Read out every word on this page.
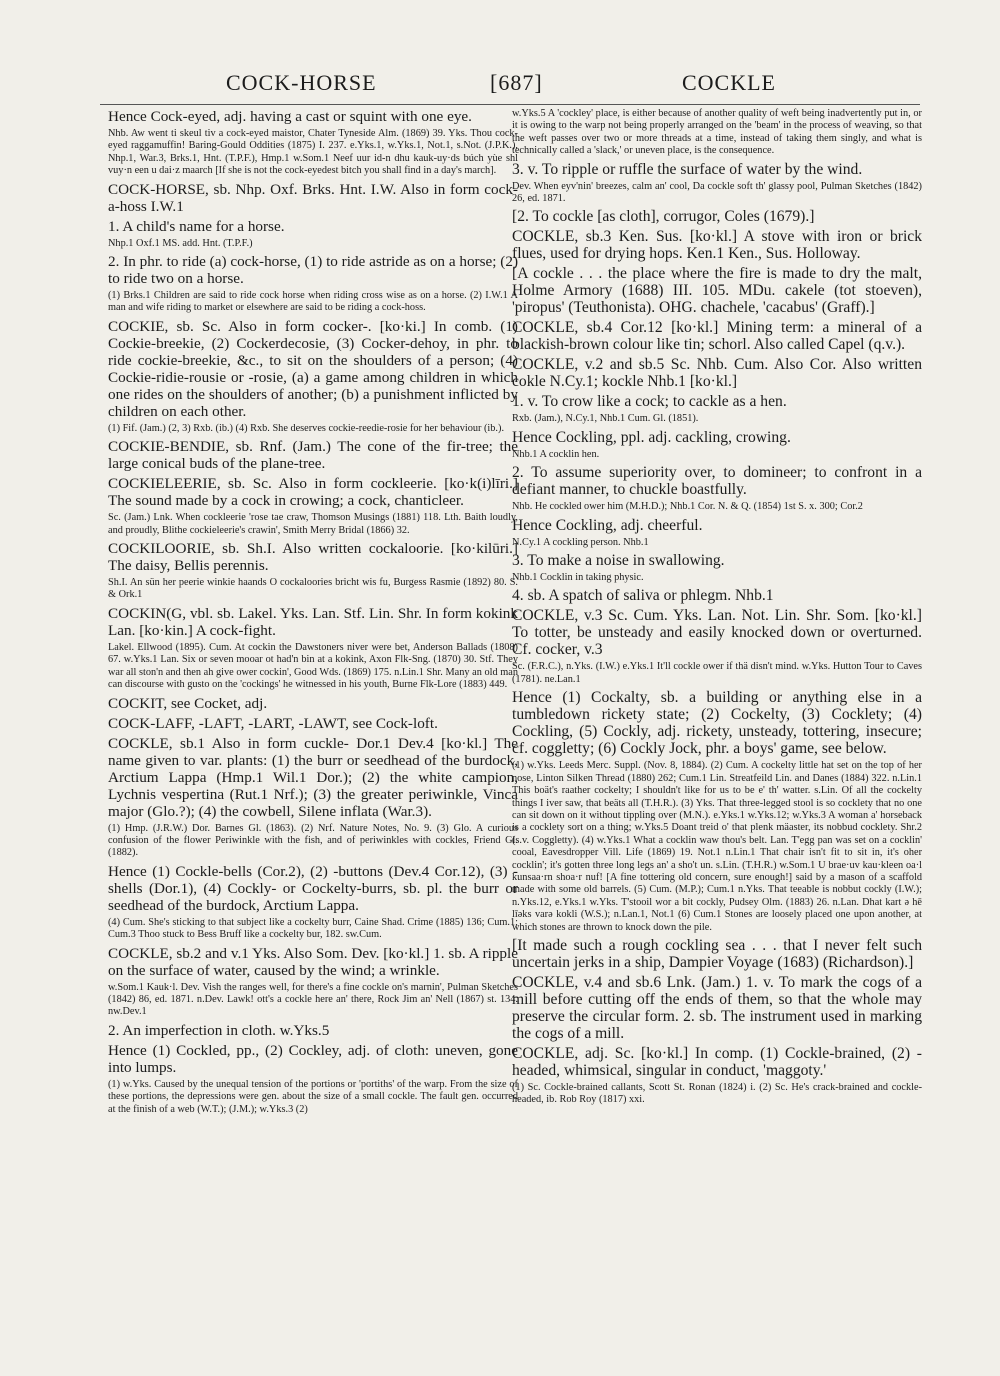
COCK-HORSE	[687]	COCKLE

Hence Cock-eyed, adj. having a cast or squint with one eye.

Nhb. Aw went ti skeul tiv a cock-eyed maistor, Chater Tyneside Alm. (1869) 39. Yks. Thou cock-eyed raggamuffin! Baring-Gould Oddities (1875) I. 237. e.Yks.1, w.Yks.1, Not.1, s.Not. (J.P.K.), Nhp.1, War.3, Brks.1, Hnt. (T.P.F.), Hmp.1 w.Som.1 Neef uur id-n dhu kauk-uy·ds búch yùe shl vuy·n een u dai·z maarch [If she is not the cock-eyedest bitch you shall find in a day's march].

COCK-HORSE, sb. Nhp. Oxf. Brks. Hnt. I.W. Also in form cock-a-hoss I.W.1

1. A child's name for a horse.

Nhp.1 Oxf.1 MS. add. Hnt. (T.P.F.)

2. In phr. to ride (a) cock-horse, (1) to ride astride as on a horse; (2) to ride two on a horse.

(1) Brks.1 Children are said to ride cock horse when riding cross wise as on a horse. (2) I.W.1 A man and wife riding to market or elsewhere are said to be riding a cock-hoss.

COCKIE, sb. Sc. Also in form cocker-. [ko·ki.] In comb. (1) Cockie-breekie, (2) Cockerdecosie, (3) Cocker-dehoy, in phr. to ride cockie-breekie, &c., to sit on the shoulders of a person; (4) Cockie-ridie-rousie or -rosie, (a) a game among children in which one rides on the shoulders of another; (b) a punishment inflicted by children on each other.

(1) Fif. (Jam.) (2, 3) Rxb. (ib.) (4) Rxb. She deserves cockie-reedie-rosie for her behaviour (ib.).

COCKIE-BENDIE, sb. Rnf. (Jam.) The cone of the fir-tree; the large conical buds of the plane-tree.

COCKIELEERIE, sb. Sc. Also in form cockleerie. [ko·k(i)līri.] The sound made by a cock in crowing; a cock, chanticleer.

Sc. (Jam.) Lnk. When cockleerie 'rose tae craw, Thomson Musings (1881) 118. Lth. Baith loudly, and proudly, Blithe cockieleerie's crawin', Smith Merry Bridal (1866) 32.

COCKILOORIE, sb. Sh.I. Also written cockaloorie. [ko·kilūri.] The daisy, Bellis perennis.

Sh.I. An sün her peerie winkie haands O cockaloories bricht wis fu, Burgess Rasmie (1892) 80. S. & Ork.1

COCKIN(G, vbl. sb. Lakel. Yks. Lan. Stf. Lin. Shr. In form kokink Lan. [ko·kin.] A cock-fight.

Lakel. Ellwood (1895). Cum. At cockin the Dawstoners niver were bet, Anderson Ballads (1808) 67. w.Yks.1 Lan. Six or seven mooar ot had'n bin at a kokink, Axon Flk-Sng. (1870) 30. Stf. They war all ston'n and then ah give ower cockin', Good Wds. (1869) 175. n.Lin.1 Shr. Many an old man can discourse with gusto on the 'cockings' he witnessed in his youth, Burne Flk-Lore (1883) 449.

COCKIT, see Cocket, adj.

COCK-LAFF, -LAFT, -LART, -LAWT, see Cock-loft.

COCKLE, sb.1 Also in form cuckle- Dor.1 Dev.4 [ko·kl.] The name given to var. plants: (1) the burr or seedhead of the burdock, Arctium Lappa (Hmp.1 Wil.1 Dor.); (2) the white campion, Lychnis vespertina (Rut.1 Nrf.); (3) the greater periwinkle, Vinca major (Glo.?); (4) the cowbell, Silene inflata (War.3).

(1) Hmp. (J.R.W.) Dor. Barnes Gl. (1863). (2) Nrf. Nature Notes, No. 9. (3) Glo. A curious confusion of the flower Periwinkle with the fish, and of periwinkles with cockles, Friend Gl. (1882).

Hence (1) Cockle-bells (Cor.2), (2) -buttons (Dev.4 Cor.12), (3) -shells (Dor.1), (4) Cockly- or Cockelty-burrs, sb. pl. the burr or seedhead of the burdock, Arctium Lappa.

(4) Cum. She's sticking to that subject like a cockelty burr, Caine Shad. Crime (1885) 136; Cum.1; Cum.3 Thoo stuck to Bess Bruff like a cockelty bur, 182. sw.Cum.

COCKLE, sb.2 and v.1 Yks. Also Som. Dev. [ko·kl.] 1. sb. A ripple on the surface of water, caused by the wind; a wrinkle.

w.Som.1 Kauk·l. Dev. Vish the ranges well, for there's a fine cockle on's marnin', Pulman Sketches (1842) 86, ed. 1871. n.Dev. Lawk! ott's a cockle here an' there, Rock Jim an' Nell (1867) st. 134. nw.Dev.1

2. An imperfection in cloth. w.Yks.5

Hence (1) Cockled, pp., (2) Cockley, adj. of cloth: uneven, gone into lumps.

(1) w.Yks. Caused by the unequal tension of the portions or 'portiths' of the warp. From the size of these portions, the depressions were gen. about the size of a small cockle. The fault gen. occurred at the finish of a web (W.T.); (J.M.); w.Yks.3 (2)

w.Yks.5 A 'cockley' place, is either because of another quality of weft being inadvertently put in, or it is owing to the warp not being properly arranged on the 'beam' in the process of weaving, so that the weft passes over two or more threads at a time, instead of taking them singly, and what is technically called a 'slack,' or uneven place, is the consequence.

3. v. To ripple or ruffle the surface of water by the wind.

Dev. When eyv'nin' breezes, calm an' cool, Da cockle soft th' glassy pool, Pulman Sketches (1842) 26, ed. 1871.

[2. To cockle [as cloth], corrugor, Coles (1679).]

COCKLE, sb.3 Ken. Sus. [ko·kl.] A stove with iron or brick flues, used for drying hops. Ken.1 Ken., Sus. Holloway.

[A cockle . . . the place where the fire is made to dry the malt, Holme Armory (1688) III. 105. MDu. cakele (tot stoeven), 'piropus' (Teuthonista). OHG. chachele, 'cacabus' (Graff).]

COCKLE, sb.4 Cor.12 [ko·kl.] Mining term: a mineral of a blackish-brown colour like tin; schorl. Also called Capel (q.v.).

COCKLE, v.2 and sb.5 Sc. Nhb. Cum. Also Cor. Also written cokle N.Cy.1; kockle Nhb.1 [ko·kl.]

1. v. To crow like a cock; to cackle as a hen.

Rxb. (Jam.), N.Cy.1, Nhb.1 Cum. Gl. (1851).

Hence Cockling, ppl. adj. cackling, crowing.

Nhb.1 A cocklin hen.

2. To assume superiority over, to domineer; to confront in a defiant manner, to chuckle boastfully.

Nhb. He cockled ower him (M.H.D.); Nhb.1 Cor. N. & Q. (1854) 1st S. x. 300; Cor.2

Hence Cockling, adj. cheerful.

N.Cy.1 A cockling person. Nhb.1

3. To make a noise in swallowing.

Nhb.1 Cocklin in taking physic.

4. sb. A spatch of saliva or phlegm. Nhb.1

COCKLE, v.3 Sc. Cum. Yks. Lan. Not. Lin. Shr. Som. [ko·kl.] To totter, be unsteady and easily knocked down or overturned. Cf. cocker, v.3

Sc. (F.R.C.), n.Yks. (I.W.) e.Yks.1 It'll cockle ower if thä disn't mind. w.Yks. Hutton Tour to Caves (1781). ne.Lan.1

Hence (1) Cockalty, sb. a building or anything else in a tumbledown rickety state; (2) Cockelty, (3) Cocklety; (4) Cockling, (5) Cockly, adj. rickety, unsteady, tottering, insecure; cf. coggletty; (6) Cockly Jock, phr. a boys' game, see below.

(1) w.Yks. Leeds Merc. Suppl. (Nov. 8, 1884). (2) Cum. A cockelty little hat set on the top of her nose, Linton Silken Thread (1880) 262; Cum.1 Lin. Streatfeild Lin. and Danes (1884) 322. n.Lin.1 This boät's raather cockelty; I shouldn't like for us to be e' th' watter. s.Lin. Of all the cockelty things I iver saw, that beäts all (T.H.R.). (3) Yks. That three-legged stool is so cocklety that no one can sit down on it without tippling over (M.N.). e.Yks.1 w.Yks.12; w.Yks.3 A woman a' horseback is a cocklety sort on a thing; w.Yks.5 Doant treid o' that plenk mäaster, its nobbud cocklety. Shr.2 (s.v. Coggletty). (4) w.Yks.1 What a cocklin waw thou's belt. Lan. T'egg pan was set on a cocklin' cooal, Eavesdropper Vill. Life (1869) 19. Not.1 n.Lin.1 That chair isn't fit to sit in, it's oher cocklin'; it's gotten three long legs an' a sho't un. s.Lin. (T.H.R.) w.Som.1 U brae·uv kau·kleen oa·l kunsaa·rn shoa·r nuf! [A fine tottering old concern, sure enough!] said by a mason of a scaffold made with some old barrels. (5) Cum. (M.P.); Cum.1 n.Yks. That teeable is nobbut cockly (I.W.); n.Yks.12, e.Yks.1 w.Yks. T'stooil wor a bit cockly, Pudsey Olm. (1883) 26. n.Lan. Dhat kart ə hē līəks varə kokli (W.S.); n.Lan.1, Not.1 (6) Cum.1 Stones are loosely placed one upon another, at which stones are thrown to knock down the pile.

[It made such a rough cockling sea . . . that I never felt such uncertain jerks in a ship, Dampier Voyage (1683) (Richardson).]

COCKLE, v.4 and sb.6 Lnk. (Jam.) 1. v. To mark the cogs of a mill before cutting off the ends of them, so that the whole may preserve the circular form. 2. sb. The instrument used in marking the cogs of a mill.

COCKLE, adj. Sc. [ko·kl.] In comp. (1) Cockle-brained, (2) -headed, whimsical, singular in conduct, 'maggoty.'

(1) Sc. Cockle-brained callants, Scott St. Ronan (1824) i. (2) Sc. He's crack-brained and cockle-headed, ib. Rob Roy (1817) xxi.
